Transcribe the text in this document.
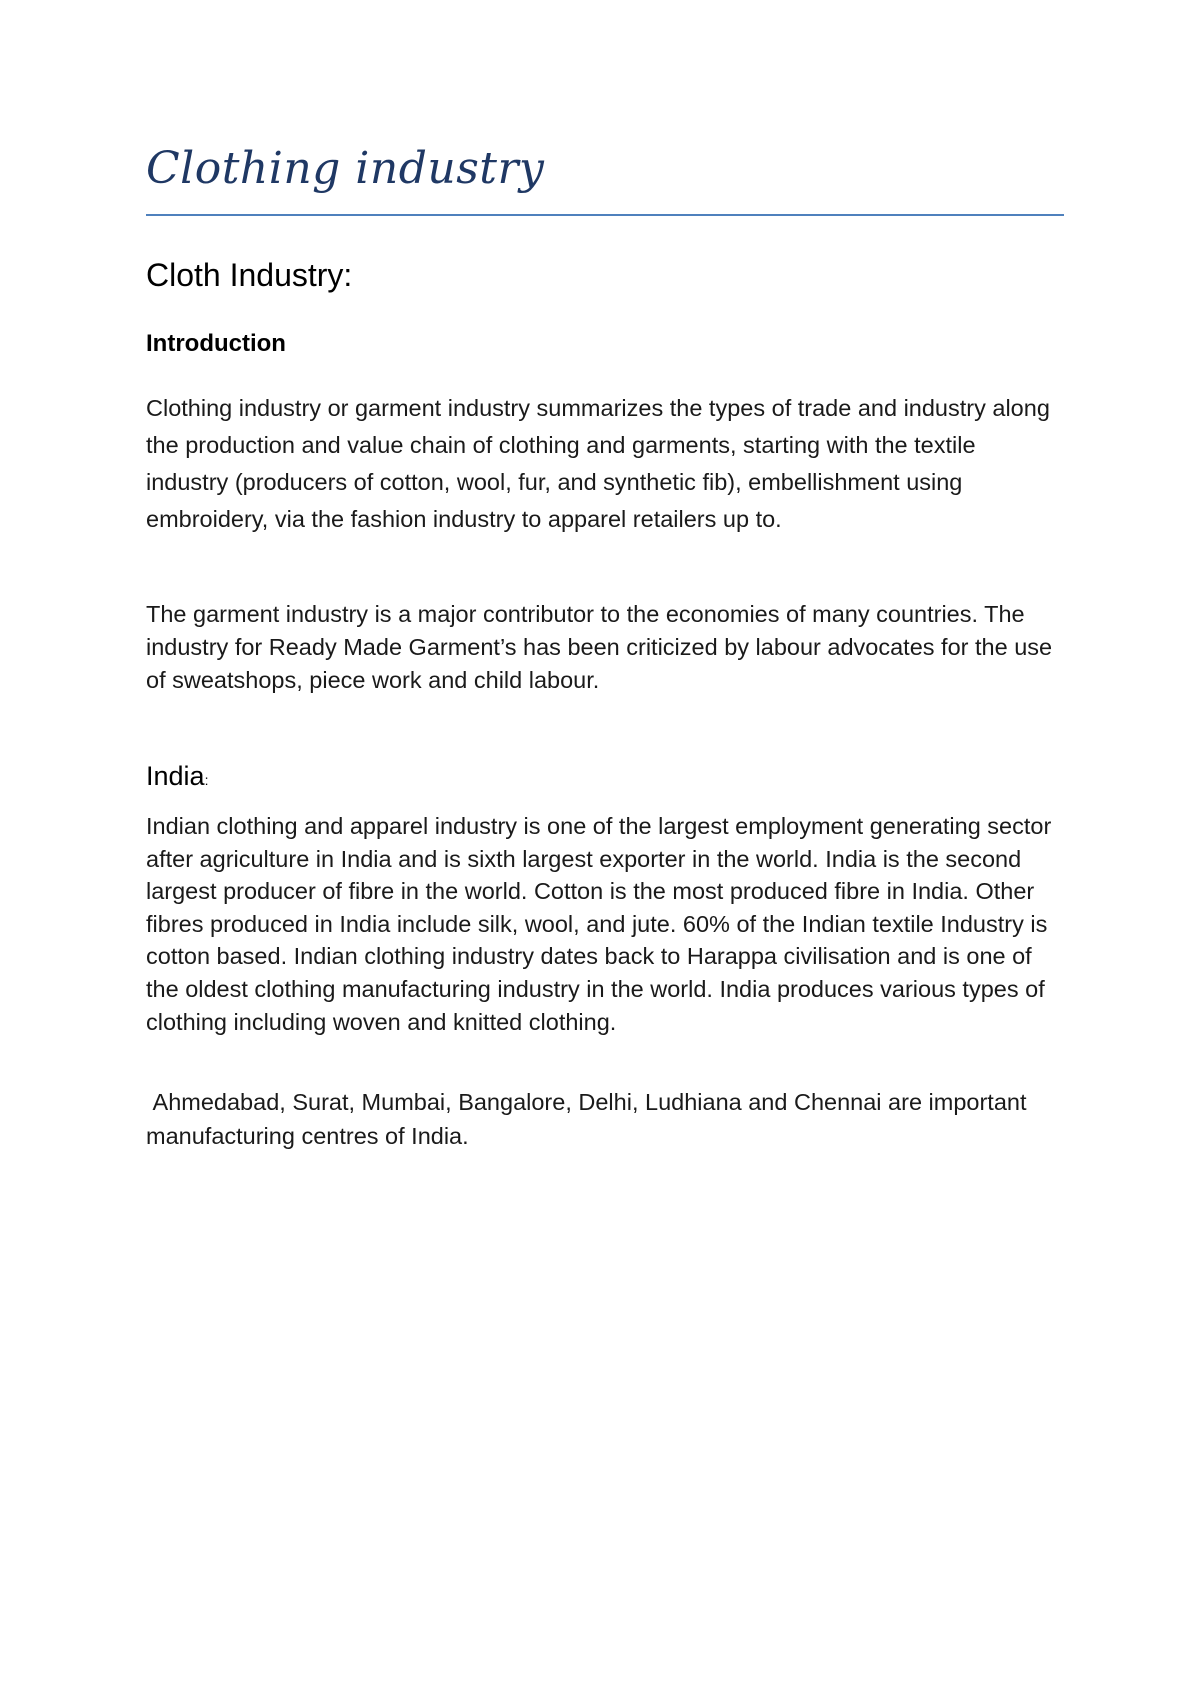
Clothing industry
Cloth Industry:
Introduction

Clothing industry or garment industry summarizes the types of trade and industry along the production and value chain of clothing and garments, starting with the textile industry (producers of cotton, wool, fur, and synthetic fib), embellishment using embroidery, via the fashion industry to apparel retailers up to.

The garment industry is a major contributor to the economies of many countries. The industry for Ready Made Garment’s has been criticized by labour advocates for the use of sweatshops, piece work and child labour.

India:

Indian clothing and apparel industry is one of the largest employment generating sector after agriculture in India and is sixth largest exporter in the world. India is the second largest producer of fibre in the world. Cotton is the most produced fibre in India. Other fibres produced in India include silk, wool, and jute. 60% of the Indian textile Industry is cotton based. Indian clothing industry dates back to Harappa civilisation and is one of the oldest clothing manufacturing industry in the world. India produces various types of clothing including woven and knitted clothing.

Ahmedabad, Surat, Mumbai, Bangalore, Delhi, Ludhiana and Chennai are important manufacturing centres of India.
